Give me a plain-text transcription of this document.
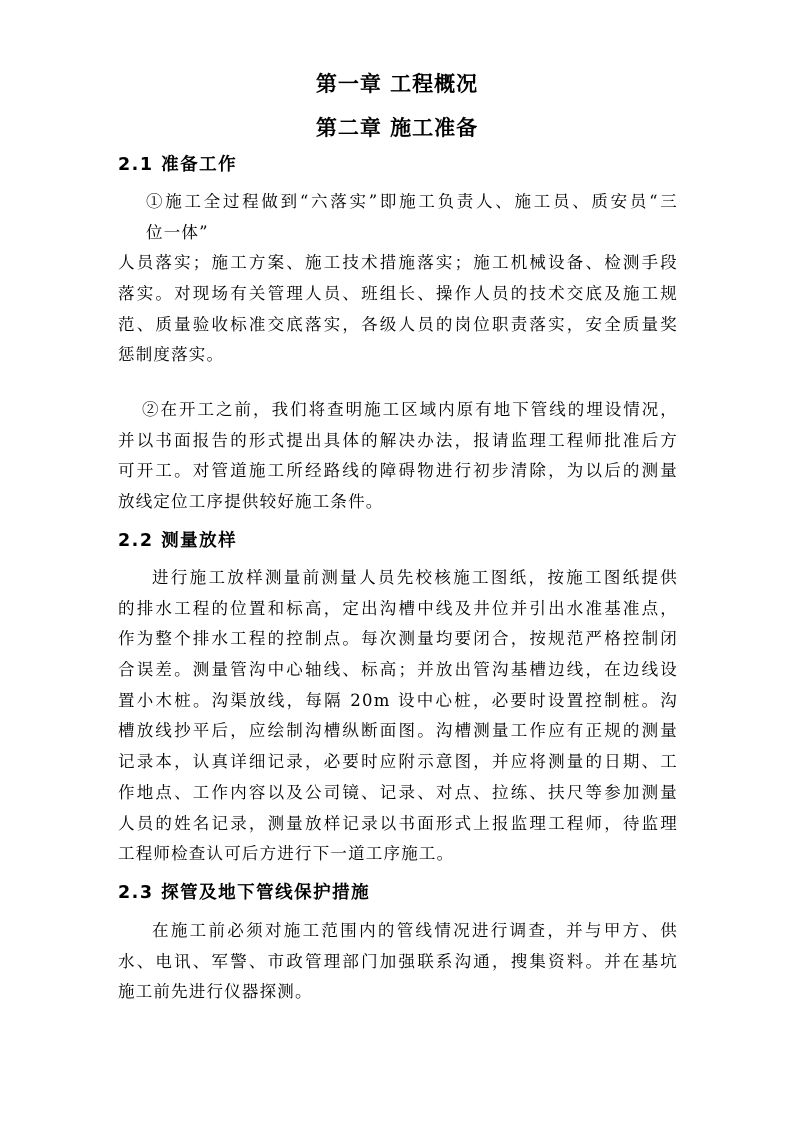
第一章 工程概况
第二章 施工准备
2.1 准备工作
①施工全过程做到“六落实”即施工负责人、施工员、质安员“三
位一体”
人员落实；施工方案、施工技术措施落实；施工机械设备、检测手段
落实。对现场有关管理人员、班组长、操作人员的技术交底及施工规
范、质量验收标准交底落实，各级人员的岗位职责落实，安全质量奖
惩制度落实。
②在开工之前，我们将查明施工区域内原有地下管线的埋设情况，
并以书面报告的形式提出具体的解决办法，报请监理工程师批准后方
可开工。对管道施工所经路线的障碍物进行初步清除，为以后的测量
放线定位工序提供较好施工条件。
2.2 测量放样
进行施工放样测量前测量人员先校核施工图纸，按施工图纸提供
的排水工程的位置和标高，定出沟槽中线及井位并引出水准基准点，
作为整个排水工程的控制点。每次测量均要闭合，按规范严格控制闭
合误差。测量管沟中心轴线、标高；并放出管沟基槽边线，在边线设
置小木桩。沟渠放线，每隔 20m 设中心桩，必要时设置控制桩。沟
槽放线抄平后，应绘制沟槽纵断面图。沟槽测量工作应有正规的测量
记录本，认真详细记录，必要时应附示意图，并应将测量的日期、工
作地点、工作内容以及公司镜、记录、对点、拉练、扶尺等参加测量
人员的姓名记录，测量放样记录以书面形式上报监理工程师，待监理
工程师检查认可后方进行下一道工序施工。
2.3 探管及地下管线保护措施
在施工前必须对施工范围内的管线情况进行调查，并与甲方、供
水、电讯、军警、市政管理部门加强联系沟通，搜集资料。并在基坑
施工前先进行仪器探测。
